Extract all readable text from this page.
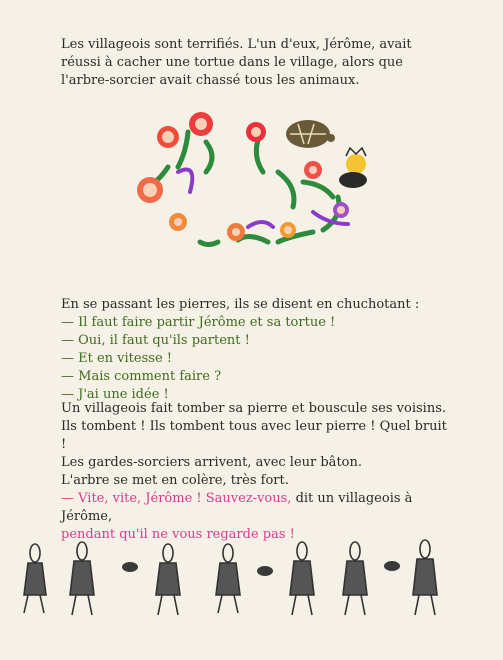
Les villageois sont terrifiés. L'un d'eux, Jérôme, avait réussi à cacher une tortue dans le village, alors que l'arbre-sorcier avait chassé tous les animaux.

En se passant les pierres, ils se disent en chuchotant :

— Il faut faire partir Jérôme et sa tortue !

— Oui, il faut qu'ils partent !

— Et en vitesse !

— Mais comment faire ?

— J'ai une idée !

Un villageois fait tomber sa pierre et bouscule ses voisins. Ils tombent ! Ils tombent tous avec leur pierre ! Quel bruit !

Les gardes-sorciers arrivent, avec leur bâton.

L'arbre se met en colère, très fort.

— Vite, vite, Jérôme ! Sauvez-vous, dit un villageois à Jérôme,

pendant qu'il ne vous regarde pas !
